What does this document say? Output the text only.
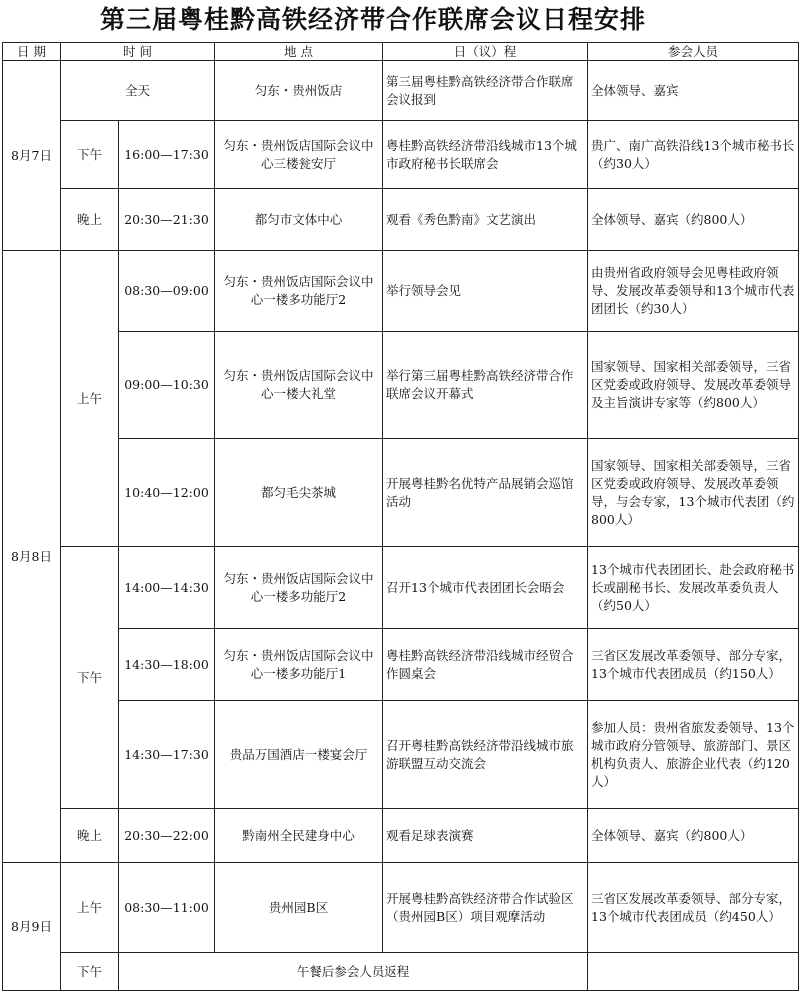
第三届粤桂黔高铁经济带合作联席会议日程安排
日 期	时 间		地 点	日（议）程	参会人员
8月7日	全天		匀东・贵州饭店	第三届粤桂黔高铁经济带合作联席会议报到	全体领导、嘉宾
	下午	16:00—17:30	匀东・贵州饭店国际会议中心三楼瓮安厅	粤桂黔高铁经济带沿线城市13个城市政府秘书长联席会	贵广、南广高铁沿线13个城市秘书长（约30人）
	晚上	20:30—21:30	都匀市文体中心	观看《秀色黔南》文艺演出	全体领导、嘉宾（约800人）
8月8日	上午	08:30—09:00	匀东・贵州饭店国际会议中心一楼多功能厅2	举行领导会见	由贵州省政府领导会见粤桂政府领导、发展改革委领导和13个城市代表团团长（约30人）
		09:00—10:30	匀东・贵州饭店国际会议中心一楼大礼堂	举行第三届粤桂黔高铁经济带合作联席会议开幕式	国家领导、国家相关部委领导，三省区党委或政府领导、发展改革委领导及主旨演讲专家等（约800人）
		10:40—12:00	都匀毛尖茶城	开展粤桂黔名优特产品展销会巡馆活动	国家领导、国家相关部委领导，三省区党委或政府领导、发展改革委领导，与会专家，13个城市代表团（约800人）
	下午	14:00—14:30	匀东・贵州饭店国际会议中心一楼多功能厅2	召开13个城市代表团团长会晤会	13个城市代表团团长、赴会政府秘书长或副秘书长、发展改革委负责人（约50人）
		14:30—18:00	匀东・贵州饭店国际会议中心一楼多功能厅1	粤桂黔高铁经济带沿线城市经贸合作圆桌会	三省区发展改革委领导、部分专家，13个城市代表团成员（约150人）
		14:30—17:30	贵品万国酒店一楼宴会厅	召开粤桂黔高铁经济带沿线城市旅游联盟互动交流会	参加人员：贵州省旅发委领导、13个城市政府分管领导、旅游部门、景区机构负责人、旅游企业代表（约120人）
	晚上	20:30—22:00	黔南州全民建身中心	观看足球表演赛	全体领导、嘉宾（约800人）
8月9日	上午	08:30—11:00	贵州园B区	开展粤桂黔高铁经济带合作试验区（贵州园B区）项目观摩活动	三省区发展改革委领导、部分专家，13个城市代表团成员（约450人）
	下午	午餐后参会人员返程			
